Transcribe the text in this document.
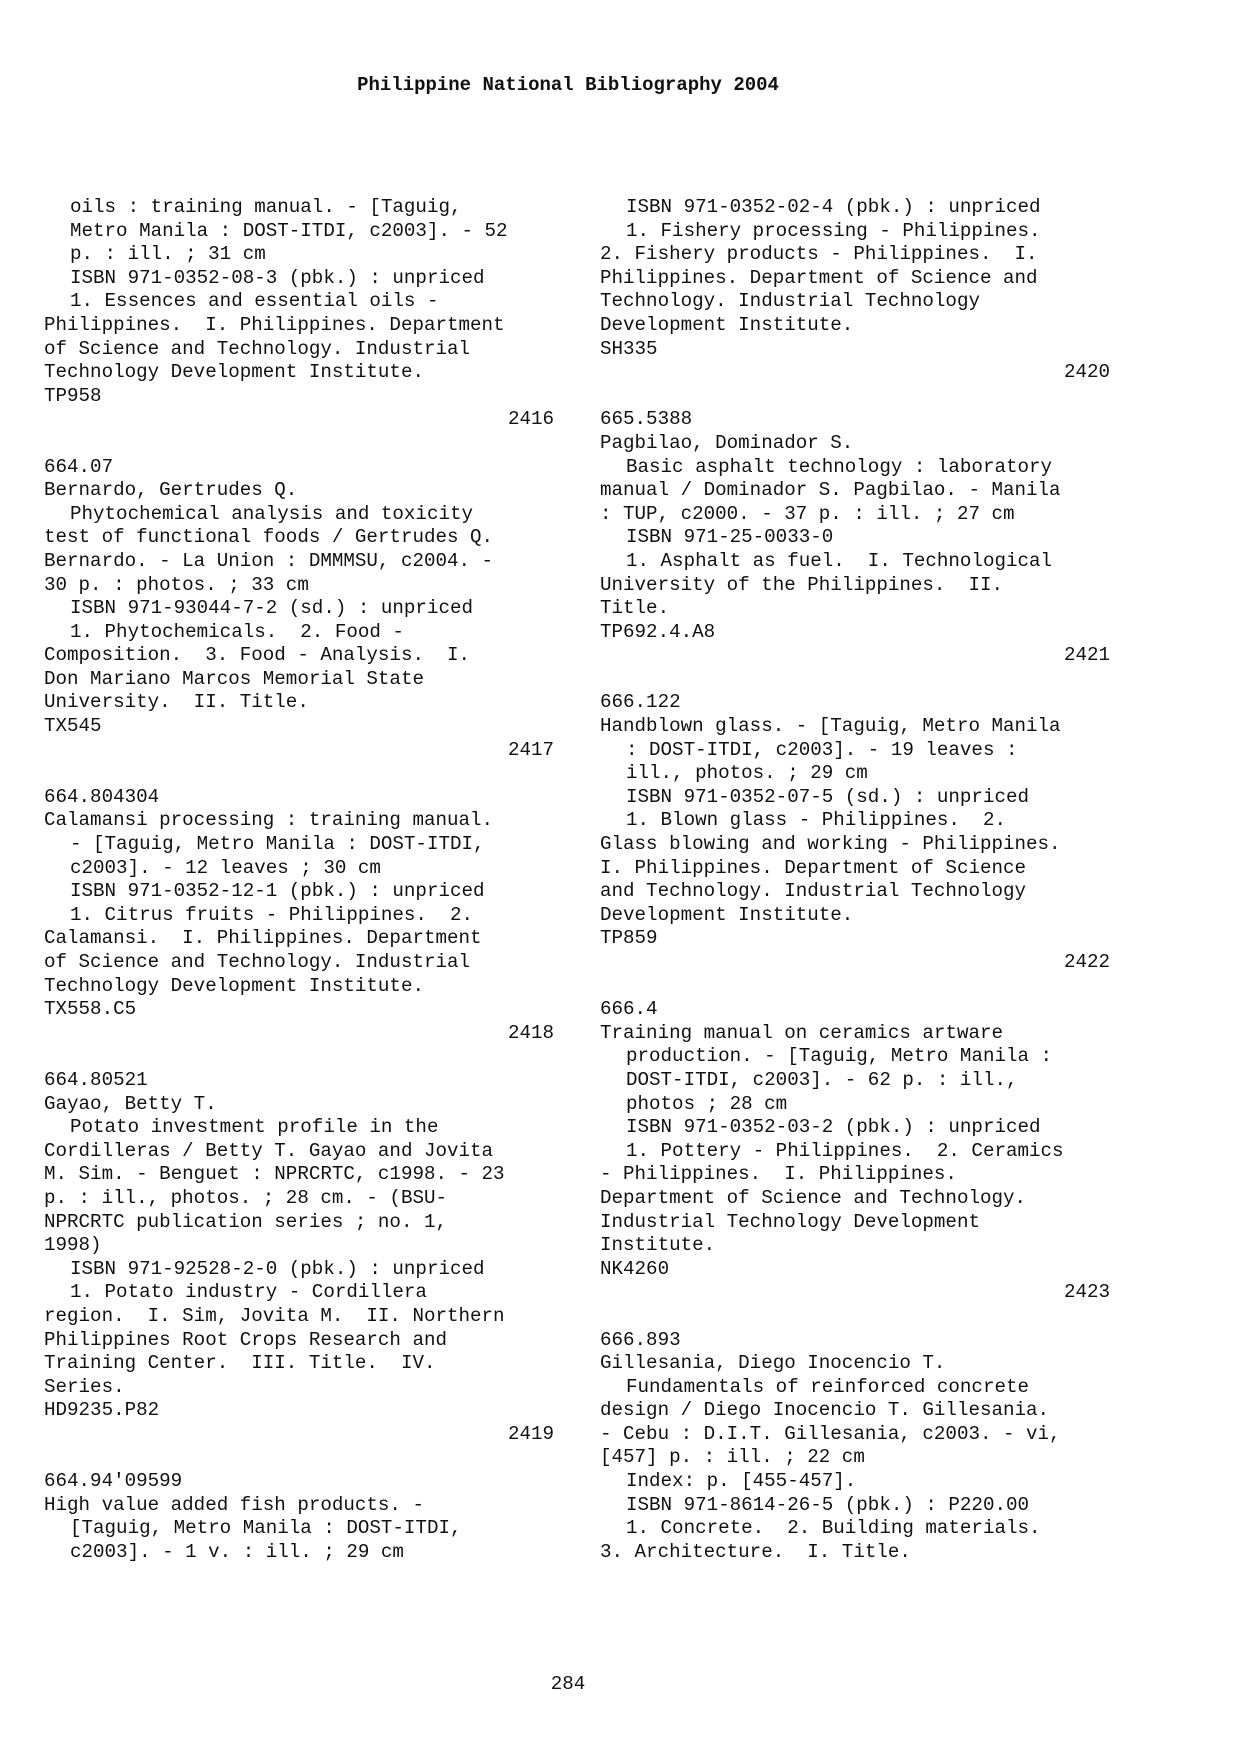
Philippine National Bibliography 2004
oils : training manual. - [Taguig,
Metro Manila : DOST-ITDI, c2003]. - 52
p. : ill. ; 31 cm
ISBN 971-0352-08-3 (pbk.) : unpriced
1. Essences and essential oils -
Philippines.  I. Philippines. Department
of Science and Technology. Industrial
Technology Development Institute.
TP958
2416
664.07
Bernardo, Gertrudes Q.
Phytochemical analysis and toxicity
test of functional foods / Gertrudes Q.
Bernardo. - La Union : DMMMSU, c2004. -
30 p. : photos. ; 33 cm
ISBN 971-93044-7-2 (sd.) : unpriced
1. Phytochemicals.  2. Food -
Composition.  3. Food - Analysis.  I.
Don Mariano Marcos Memorial State
University.  II. Title.
TX545
2417
664.804304
Calamansi processing : training manual.
- [Taguig, Metro Manila : DOST-ITDI,
c2003]. - 12 leaves ; 30 cm
ISBN 971-0352-12-1 (pbk.) : unpriced
1. Citrus fruits - Philippines.  2.
Calamansi.  I. Philippines. Department
of Science and Technology. Industrial
Technology Development Institute.
TX558.C5
2418
664.80521
Gayao, Betty T.
Potato investment profile in the
Cordilleras / Betty T. Gayao and Jovita
M. Sim. - Benguet : NPRCRTC, c1998. - 23
p. : ill., photos. ; 28 cm. - (BSU-
NPRCRTC publication series ; no. 1,
1998)
ISBN 971-92528-2-0 (pbk.) : unpriced
1. Potato industry - Cordillera
region.  I. Sim, Jovita M.  II. Northern
Philippines Root Crops Research and
Training Center.  III. Title.  IV.
Series.
HD9235.P82
2419
664.94'09599
High value added fish products. -
[Taguig, Metro Manila : DOST-ITDI,
c2003]. - 1 v. : ill. ; 29 cm
ISBN 971-0352-02-4 (pbk.) : unpriced
1. Fishery processing - Philippines.
2. Fishery products - Philippines.  I.
Philippines. Department of Science and
Technology. Industrial Technology
Development Institute.
SH335
2420
665.5388
Pagbilao, Dominador S.
Basic asphalt technology : laboratory
manual / Dominador S. Pagbilao. - Manila
: TUP, c2000. - 37 p. : ill. ; 27 cm
ISBN 971-25-0033-0
1. Asphalt as fuel.  I. Technological
University of the Philippines.  II.
Title.
TP692.4.A8
2421
666.122
Handblown glass. - [Taguig, Metro Manila
: DOST-ITDI, c2003]. - 19 leaves :
ill., photos. ; 29 cm
ISBN 971-0352-07-5 (sd.) : unpriced
1. Blown glass - Philippines.  2.
Glass blowing and working - Philippines.
I. Philippines. Department of Science
and Technology. Industrial Technology
Development Institute.
TP859
2422
666.4
Training manual on ceramics artware
production. - [Taguig, Metro Manila :
DOST-ITDI, c2003]. - 62 p. : ill.,
photos ; 28 cm
ISBN 971-0352-03-2 (pbk.) : unpriced
1. Pottery - Philippines.  2. Ceramics
- Philippines.  I. Philippines.
Department of Science and Technology.
Industrial Technology Development
Institute.
NK4260
2423
666.893
Gillesania, Diego Inocencio T.
Fundamentals of reinforced concrete
design / Diego Inocencio T. Gillesania.
- Cebu : D.I.T. Gillesania, c2003. - vi,
[457] p. : ill. ; 22 cm
Index: p. [455-457].
ISBN 971-8614-26-5 (pbk.) : P220.00
1. Concrete.  2. Building materials.
3. Architecture.  I. Title.
284
